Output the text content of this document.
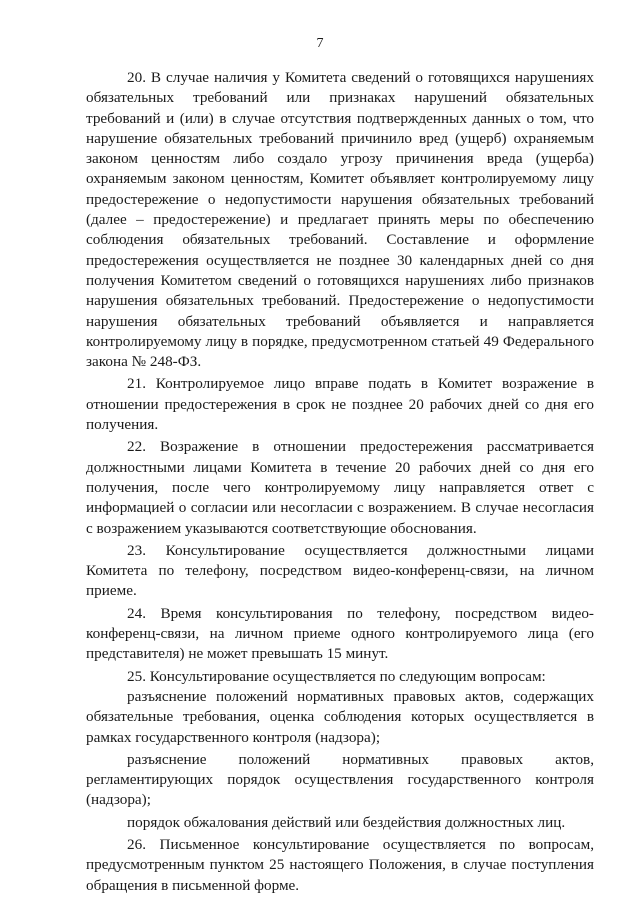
7

20. В случае наличия у Комитета сведений о готовящихся нарушениях обязательных требований или признаках нарушений обязательных требований и (или) в случае отсутствия подтвержденных данных о том, что нарушение обязательных требований причинило вред (ущерб) охраняемым законом ценностям либо создало угрозу причинения вреда (ущерба) охраняемым законом ценностям, Комитет объявляет контролируемому лицу предостережение о недопустимости нарушения обязательных требований (далее – предостережение) и предлагает принять меры по обеспечению соблюдения обязательных требований. Составление и оформление предостережения осуществляется не позднее 30 календарных дней со дня получения Комитетом сведений о готовящихся нарушениях либо признаков нарушения обязательных требований. Предостережение о недопустимости нарушения обязательных требований объявляется и направляется контролируемому лицу в порядке, предусмотренном статьей 49 Федерального закона № 248-ФЗ.

21. Контролируемое лицо вправе подать в Комитет возражение в отношении предостережения в срок не позднее 20 рабочих дней со дня его получения.

22. Возражение в отношении предостережения рассматривается должностными лицами Комитета в течение 20 рабочих дней со дня его получения, после чего контролируемому лицу направляется ответ с информацией о согласии или несогласии с возражением. В случае несогласия с возражением указываются соответствующие обоснования.

23. Консультирование осуществляется должностными лицами Комитета по телефону, посредством видео-конференц-связи, на личном приеме.

24. Время консультирования по телефону, посредством видео-конференц-связи, на личном приеме одного контролируемого лица (его представителя) не может превышать 15 минут.

25. Консультирование осуществляется по следующим вопросам:

разъяснение положений нормативных правовых актов, содержащих обязательные требования, оценка соблюдения которых осуществляется в рамках государственного контроля (надзора);

разъяснение положений нормативных правовых актов, регламентирующих порядок осуществления государственного контроля (надзора);

порядок обжалования действий или бездействия должностных лиц.

26. Письменное консультирование осуществляется по вопросам, предусмотренным пунктом 25 настоящего Положения, в случае поступления обращения в письменной форме.
